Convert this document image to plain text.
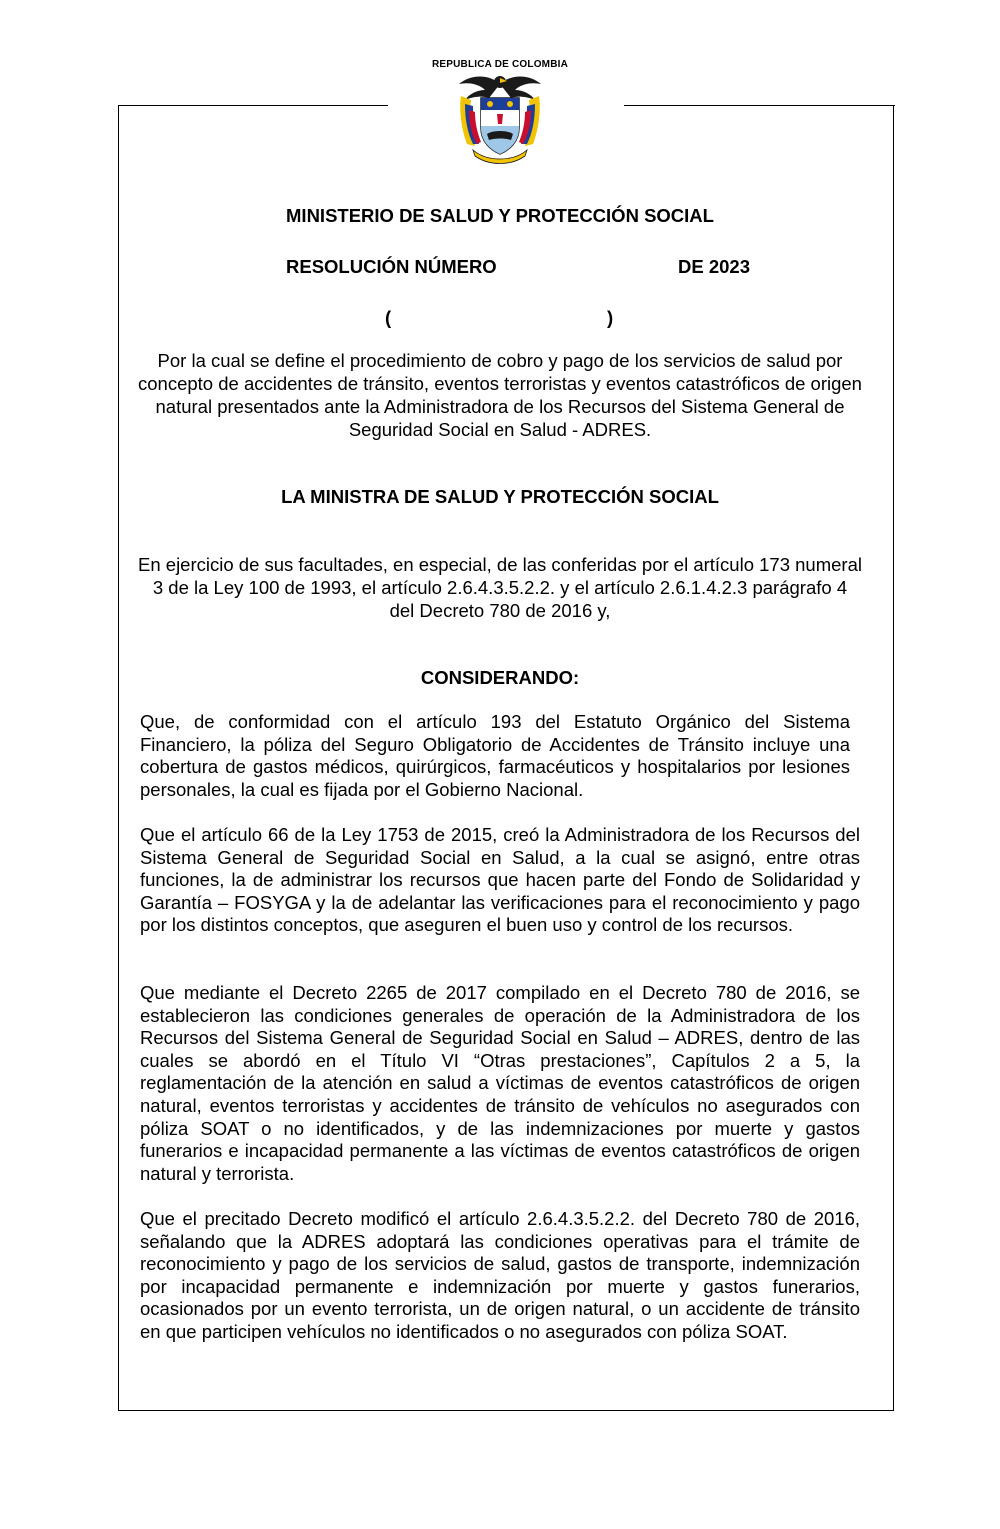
REPUBLICA DE COLOMBIA
MINISTERIO DE SALUD Y PROTECCIÓN SOCIAL
RESOLUCIÓN NÚMERO	DE 2023
(	)
Por la cual se define el procedimiento de cobro y pago de los servicios de salud por concepto de accidentes de tránsito, eventos terroristas y eventos catastróficos de origen natural presentados ante la Administradora de los Recursos del Sistema General de Seguridad Social en Salud - ADRES.
LA MINISTRA DE SALUD Y PROTECCIÓN SOCIAL
En ejercicio de sus facultades, en especial, de las conferidas por el artículo 173 numeral 3 de la Ley 100 de 1993, el artículo 2.6.4.3.5.2.2. y el artículo 2.6.1.4.2.3 parágrafo 4 del Decreto 780 de 2016 y,
CONSIDERANDO:

Que, de conformidad con el artículo 193 del Estatuto Orgánico del Sistema Financiero, la póliza del Seguro Obligatorio de Accidentes de Tránsito incluye una cobertura de gastos médicos, quirúrgicos, farmacéuticos y hospitalarios por lesiones personales, la cual es fijada por el Gobierno Nacional.

Que el artículo 66 de la Ley 1753 de 2015, creó la Administradora de los Recursos del Sistema General de Seguridad Social en Salud, a la cual se asignó, entre otras funciones, la de administrar los recursos que hacen parte del Fondo de Solidaridad y Garantía – FOSYGA y la de adelantar las verificaciones para el reconocimiento y pago por los distintos conceptos, que aseguren el buen uso y control de los recursos.

Que mediante el Decreto 2265 de 2017 compilado en el Decreto 780 de 2016, se establecieron las condiciones generales de operación de la Administradora de los Recursos del Sistema General de Seguridad Social en Salud – ADRES, dentro de las cuales se abordó en el Título VI “Otras prestaciones”, Capítulos 2 a 5, la reglamentación de la atención en salud a víctimas de eventos catastróficos de origen natural, eventos terroristas y accidentes de tránsito de vehículos no asegurados con póliza SOAT o no identificados, y de las indemnizaciones por muerte y gastos funerarios e incapacidad permanente a las víctimas de eventos catastróficos de origen natural y terrorista.

Que el precitado Decreto modificó el artículo 2.6.4.3.5.2.2. del Decreto 780 de 2016, señalando que la ADRES adoptará las condiciones operativas para el trámite de reconocimiento y pago de los servicios de salud, gastos de transporte, indemnización por incapacidad permanente e indemnización por muerte y gastos funerarios, ocasionados por un evento terrorista, un de origen natural, o un accidente de tránsito en que participen vehículos no identificados o no asegurados con póliza SOAT.
